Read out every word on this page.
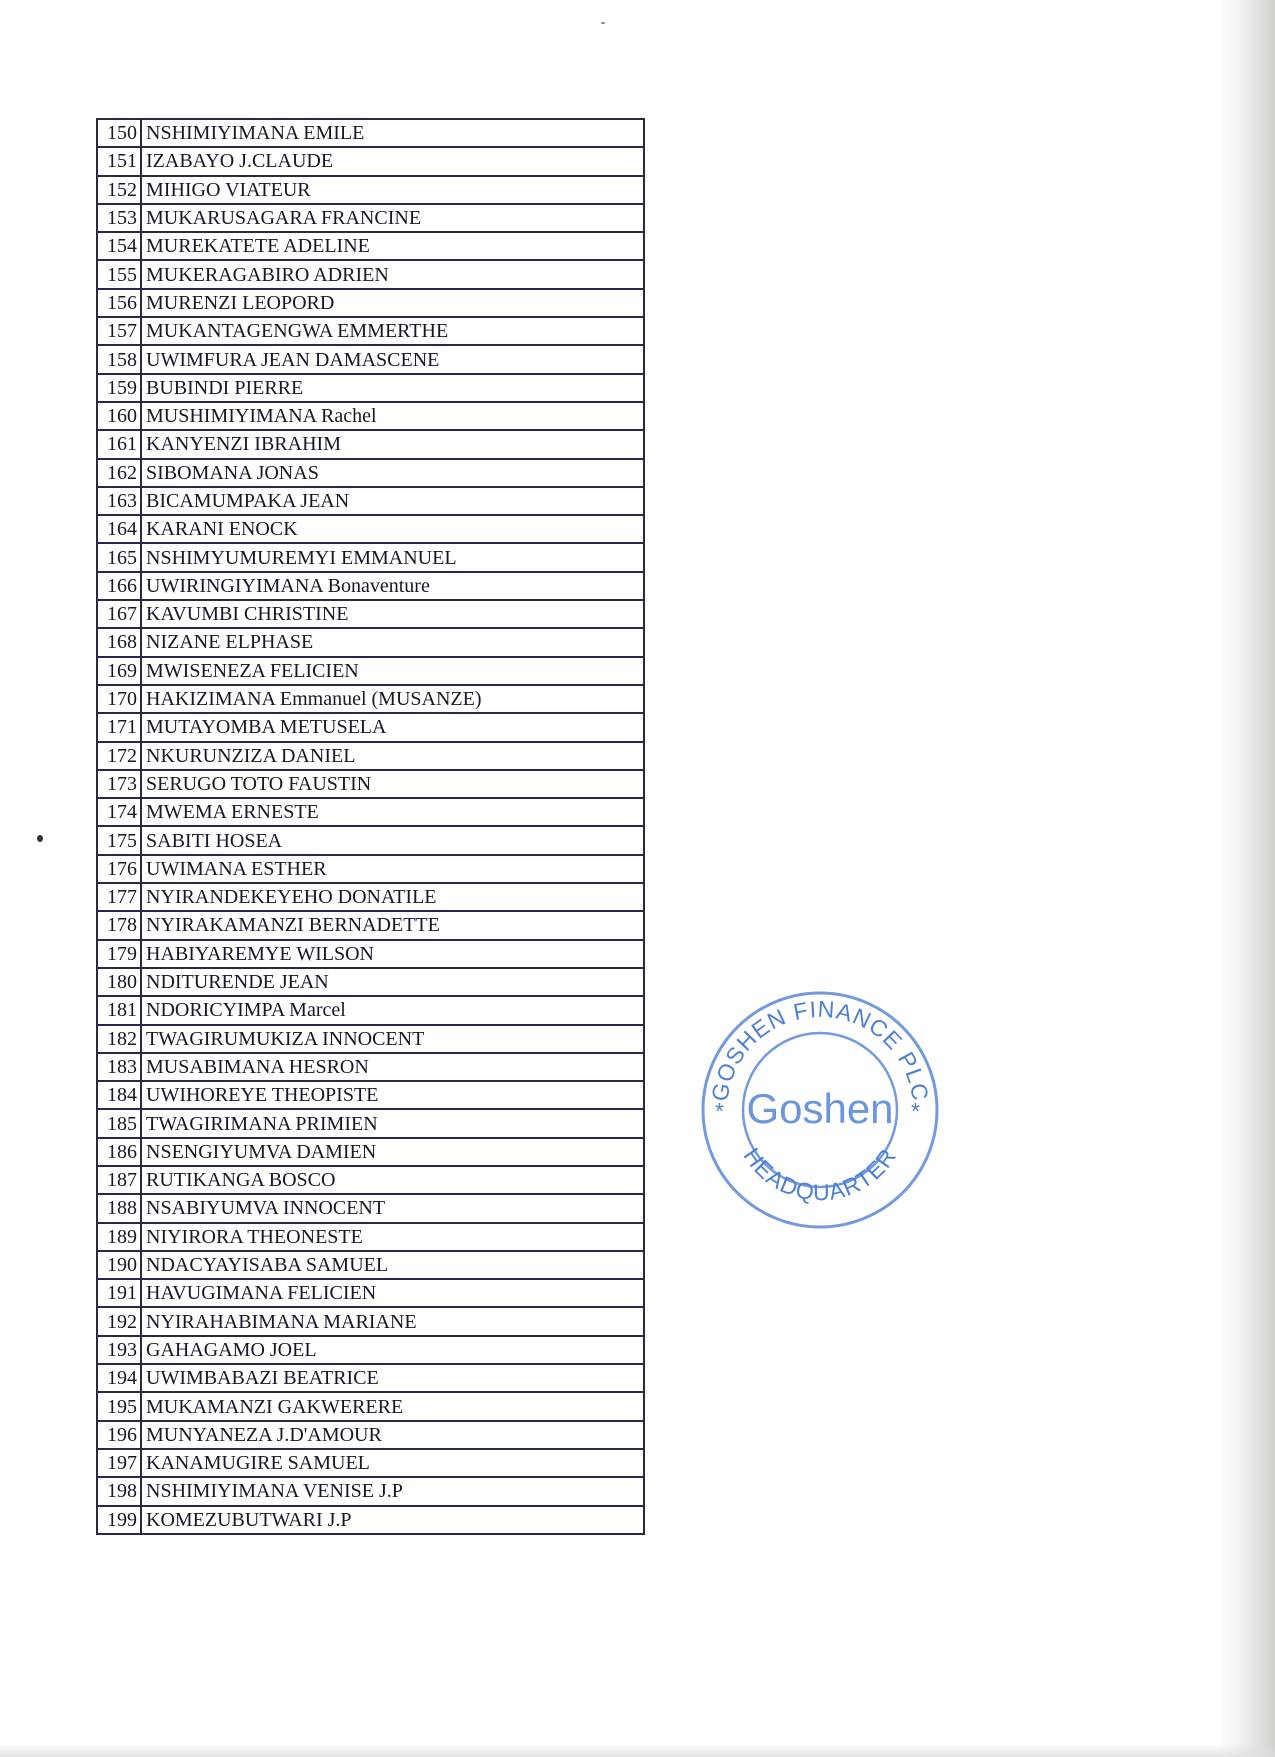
150	NSHIMIYIMANA EMILE
151	IZABAYO J.CLAUDE
152	MIHIGO VIATEUR
153	MUKARUSAGARA FRANCINE
154	MUREKATETE ADELINE
155	MUKERAGABIRO ADRIEN
156	MURENZI LEOPORD
157	MUKANTAGENGWA EMMERTHE
158	UWIMFURA JEAN DAMASCENE
159	BUBINDI PIERRE
160	MUSHIMIYIMANA Rachel
161	KANYENZI IBRAHIM
162	SIBOMANA JONAS
163	BICAMUMPAKA JEAN
164	KARANI ENOCK
165	NSHIMYUMUREMYI EMMANUEL
166	UWIRINGIYIMANA Bonaventure
167	KAVUMBI CHRISTINE
168	NIZANE ELPHASE
169	MWISENEZA FELICIEN
170	HAKIZIMANA Emmanuel (MUSANZE)
171	MUTAYOMBA METUSELA
172	NKURUNZIZA DANIEL
173	SERUGO TOTO FAUSTIN
174	MWEMA ERNESTE
175	SABITI HOSEA
176	UWIMANA ESTHER
177	NYIRANDEKEYEHO DONATILE
178	NYIRAKAMANZI BERNADETTE
179	HABIYAREMYE WILSON
180	NDITURENDE JEAN
181	NDORICYIMPA Marcel
182	TWAGIRUMUKIZA INNOCENT
183	MUSABIMANA HESRON
184	UWIHOREYE THEOPISTE
185	TWAGIRIMANA PRIMIEN
186	NSENGIYUMVA DAMIEN
187	RUTIKANGA BOSCO
188	NSABIYUMVA INNOCENT
189	NIYIRORA THEONESTE
190	NDACYAYISABA SAMUEL
191	HAVUGIMANA FELICIEN
192	NYIRAHABIMANA MARIANE
193	GAHAGAMO JOEL
194	UWIMBABAZI BEATRICE
195	MUKAMANZI GAKWERERE
196	MUNYANEZA J.D'AMOUR
197	KANAMUGIRE SAMUEL
198	NSHIMIYIMANA VENISE J.P
199	KOMEZUBUTWARI J.P
GOSHEN FINANCE PLC
HEADQUARTER
*	*
Goshen
